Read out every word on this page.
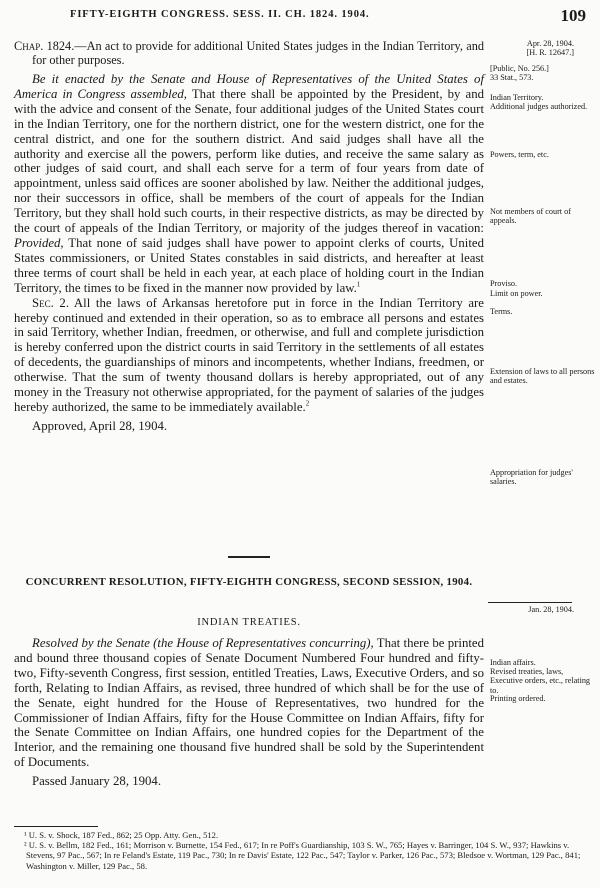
FIFTY-EIGHTH CONGRESS. SESS. II. CH. 1824. 1904.	109

Chap. 1824.—An act to provide for additional United States judges in the Indian Territory, and for other purposes.

Apr. 28, 1904.
[H. R. 12647.]
[Public, No. 256.]
33 Stat., 573.

Be it enacted by the Senate and House of Representatives of the United States of America in Congress assembled, That there shall be appointed by the President, by and with the advice and consent of the Senate, four additional judges of the United States court in the Indian Territory, one for the northern district, one for the western district, one for the central district, and one for the southern district. And said judges shall have all the authority and exercise all the powers, perform like duties, and receive the same salary as other judges of said court, and shall each serve for a term of four years from date of appointment, unless said offices are sooner abolished by law. Neither the additional judges, nor their successors in office, shall be members of the court of appeals for the Indian Territory, but they shall hold such courts, in their respective districts, as may be directed by the court of appeals of the Indian Territory, or majority of the judges thereof in vacation: Provided, That none of said judges shall have power to appoint clerks of courts, United States commissioners, or United States constables in said districts, and hereafter at least three terms of court shall be held in each year, at each place of holding court in the Indian Territory, the times to be fixed in the manner now provided by law.$^1$

Sec. 2. All the laws of Arkansas heretofore put in force in the Indian Territory are hereby continued and extended in their operation, so as to embrace all persons and estates in said Territory, whether Indian, freedmen, or otherwise, and full and complete jurisdiction is hereby conferred upon the district courts in said Territory in the settlements of all estates of decedents, the guardianships of minors and incompetents, whether Indians, freedmen, or otherwise. That the sum of twenty thousand dollars is hereby appropriated, out of any money in the Treasury not otherwise appropriated, for the payment of salaries of the judges hereby authorized, the same to be immediately available.$^2$

Approved, April 28, 1904.

Indian Territory.
Additional judges authorized.
Powers, term, etc.
Not members of court of appeals.
Proviso.
Limit on power.
Terms.
Extension of laws to all persons and estates.
Appropriation for judges' salaries.
CONCURRENT RESOLUTION, FIFTY-EIGHTH CONGRESS, SECOND SESSION, 1904.
Jan. 28, 1904.
INDIAN TREATIES.

Resolved by the Senate (the House of Representatives concurring), That there be printed and bound three thousand copies of Senate Document Numbered Four hundred and fifty-two, Fifty-seventh Congress, first session, entitled Treaties, Laws, Executive Orders, and so forth, Relating to Indian Affairs, as revised, three hundred of which shall be for the use of the Senate, eight hundred for the House of Representatives, two hundred for the Commissioner of Indian Affairs, fifty for the House Committee on Indian Affairs, fifty for the Senate Committee on Indian Affairs, one hundred copies for the Department of the Interior, and the remaining one thousand five hundred shall be sold by the Superintendent of Documents.

Passed January 28, 1904.

Indian affairs.
Revised treaties, laws, Executive orders, etc., relating to.
Printing ordered.

¹ U. S. v. Shock, 187 Fed., 862; 25 Opp. Atty. Gen., 512.

² U. S. v. Bellm, 182 Fed., 161; Morrison v. Burnette, 154 Fed., 617; In re Poff's Guardianship, 103 S. W., 765; Hayes v. Barringer, 104 S. W., 937; Hawkins v. Stevens, 97 Pac., 567; In re Feland's Estate, 119 Pac., 730; In re Davis' Estate, 122 Pac., 547; Taylor v. Parker, 126 Pac., 573; Bledsoe v. Wortman, 129 Pac., 841; Washington v. Miller, 129 Pac., 58.
